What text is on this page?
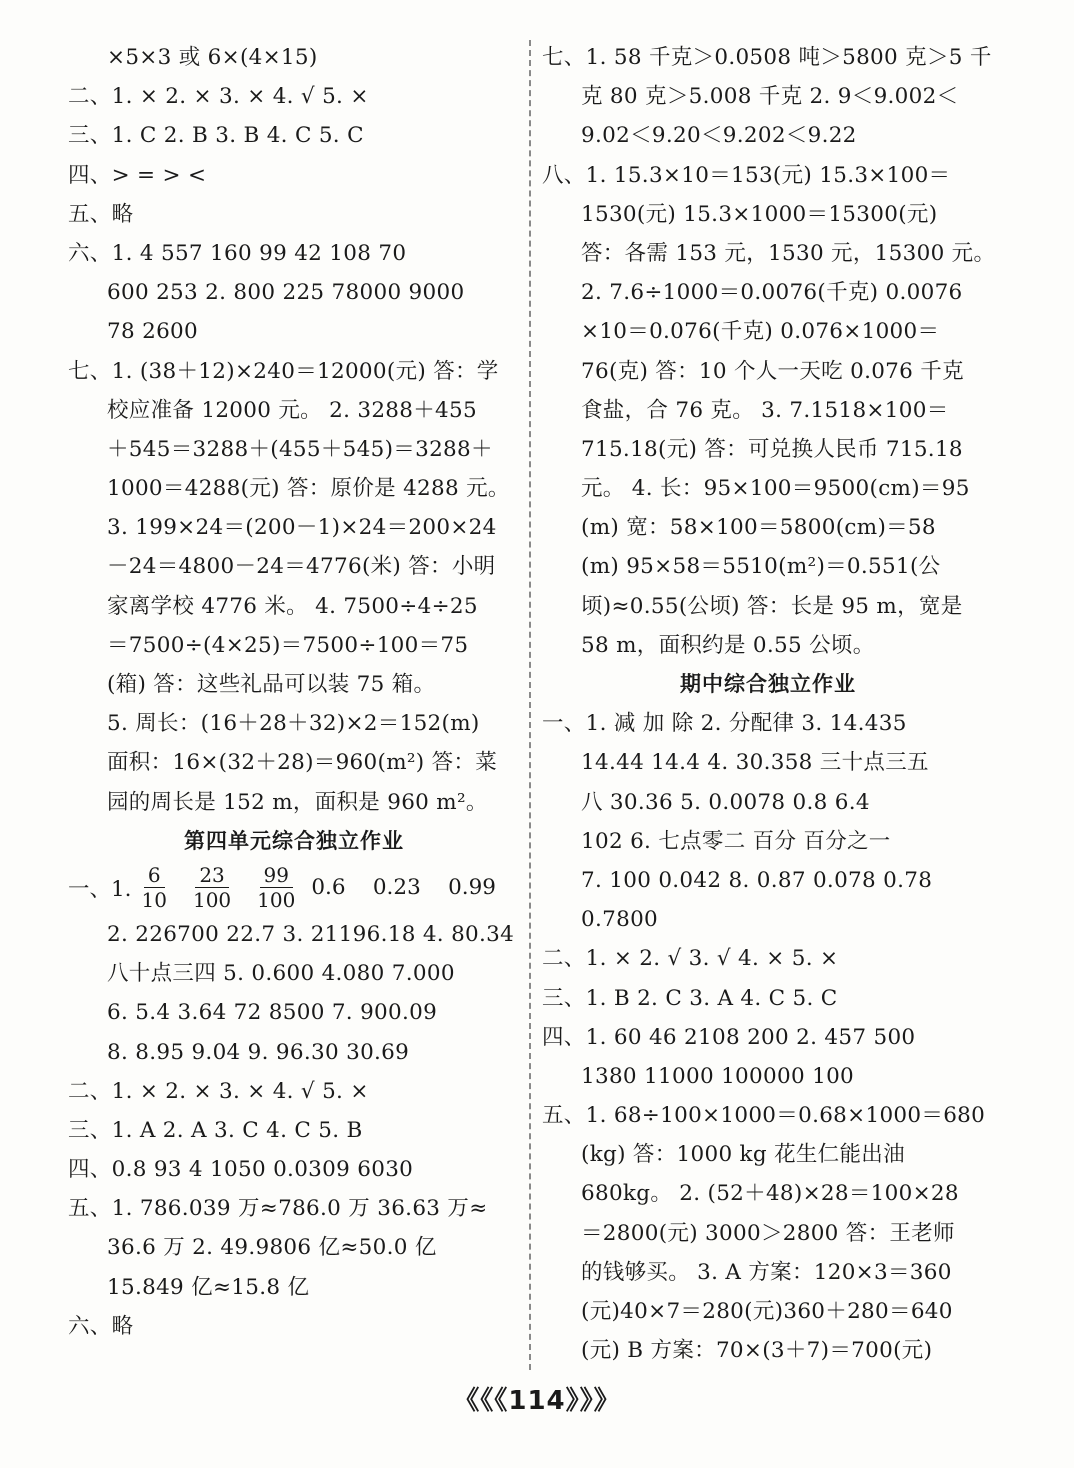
×5×3 或 6×(4×15)
二、1. × 2. × 3. × 4. √ 5. ×
三、1. C 2. B 3. B 4. C 5. C
四、> = > <
五、略
六、1. 4 557 160 99 42 108 70
600 253 2. 800 225 78000 9000
78 2600
七、1. (38＋12)×240＝12000(元) 答：学
校应准备 12000 元。 2. 3288＋455
＋545＝3288＋(455＋545)＝3288＋
1000＝4288(元) 答：原价是 4288 元。
3. 199×24＝(200－1)×24＝200×24
－24＝4800－24＝4776(米) 答：小明
家离学校 4776 米。 4. 7500÷4÷25
＝7500÷(4×25)＝7500÷100＝75
(箱) 答：这些礼品可以装 75 箱。
5. 周长：(16＋28＋32)×2＝152(m)
面积：16×(32＋28)＝960(m²) 答：菜
园的周长是 152 m，面积是 960 m²。
第四单元综合独立作业
一、1. $\frac{6}{10} \frac{23}{100} \frac{99}{100} 0.6$    0.23    0.99
2. 226700 22.7 3. 21196.18 4. 80.34
八十点三四 5. 0.600 4.080 7.000
6. 5.4 3.64 72 8500 7. 900.09
8. 8.95 9.04 9. 96.30 30.69
二、1. × 2. × 3. × 4. √ 5. ×
三、1. A 2. A 3. C 4. C 5. B
四、0.8 93 4 1050 0.0309 6030
五、1. 786.039 万≈786.0 万 36.63 万≈
36.6 万 2. 49.9806 亿≈50.0 亿
15.849 亿≈15.8 亿
六、略
七、1. 58 千克＞0.0508 吨＞5800 克＞5 千
克 80 克＞5.008 千克 2. 9＜9.002＜
9.02＜9.20＜9.202＜9.22
八、1. 15.3×10＝153(元) 15.3×100＝
1530(元) 15.3×1000＝15300(元)
答：各需 153 元，1530 元，15300 元。
2. 7.6÷1000＝0.0076(千克) 0.0076
×10＝0.076(千克) 0.076×1000＝
76(克) 答：10 个人一天吃 0.076 千克
食盐，合 76 克。 3. 7.1518×100＝
715.18(元) 答：可兑换人民币 715.18
元。 4. 长：95×100＝9500(cm)＝95
(m) 宽：58×100＝5800(cm)＝58
(m) 95×58＝5510(m²)＝0.551(公
顷)≈0.55(公顷) 答：长是 95 m，宽是
58 m，面积约是 0.55 公顷。
期中综合独立作业
一、1. 减 加 除 2. 分配律 3. 14.435
14.44 14.4 4. 30.358 三十点三五
八 30.36 5. 0.0078 0.8 6.4
102 6. 七点零二 百分 百分之一
7. 100 0.042 8. 0.87 0.078 0.78
0.7800
二、1. × 2. √ 3. √ 4. × 5. ×
三、1. B 2. C 3. A 4. C 5. C
四、1. 60 46 2108 200 2. 457 500
1380 11000 100000 100
五、1. 68÷100×1000＝0.68×1000＝680
(kg) 答：1000 kg 花生仁能出油
680kg。 2. (52＋48)×28＝100×28
＝2800(元) 3000＞2800 答：王老师
的钱够买。 3. A 方案：120×3＝360
(元)40×7＝280(元)360＋280＝640
(元) B 方案：70×(3＋7)＝700(元)
《《《114》》》
